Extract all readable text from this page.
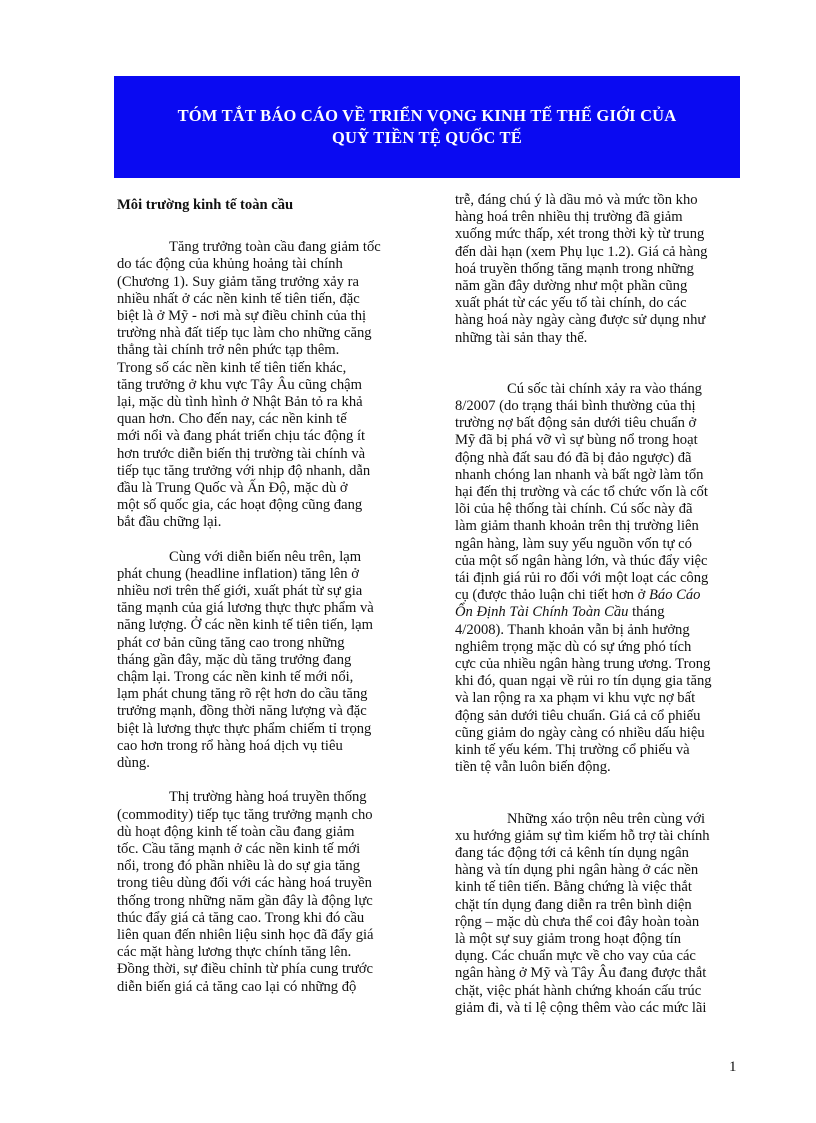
TÓM TẮT BÁO CÁO VỀ TRIỂN VỌNG KINH TẾ THẾ GIỚI CỦA
QUỸ TIỀN TỆ QUỐC TẾ

Môi trường kinh tế toàn cầu

Tăng trưởng toàn cầu đang giảm tốc
do tác động của khủng hoảng tài chính
(Chương 1). Suy giảm tăng trưởng xảy ra
nhiều nhất ở các nền kinh tế tiên tiến, đặc
biệt là ở Mỹ - nơi mà sự điều chỉnh của thị
trường nhà đất tiếp tục làm cho những căng
thẳng tài chính trở nên phức tạp thêm.
Trong số các nền kinh tế tiên tiến khác,
tăng trưởng ở khu vực Tây Âu cũng chậm
lại, mặc dù tình hình ở Nhật Bản tỏ ra khả
quan hơn. Cho đến nay, các nền kinh tế
mới nổi và đang phát triển chịu tác động ít
hơn trước diễn biến thị trường tài chính và
tiếp tục tăng trưởng với nhịp độ nhanh, dẫn
đầu là Trung Quốc và Ấn Độ, mặc dù ở
một số quốc gia, các hoạt động cũng đang
bắt đầu chững lại.
Cùng với diễn biến nêu trên, lạm
phát chung (headline inflation) tăng lên ở
nhiều nơi trên thế giới, xuất phát từ sự gia
tăng mạnh của giá lương thực thực phẩm và
năng lượng. Ở các nền kinh tế tiên tiến, lạm
phát cơ bản cũng tăng cao trong những
tháng gần đây, mặc dù tăng trưởng đang
chậm lại. Trong các nền kinh tế mới nổi,
lạm phát chung tăng rõ rệt hơn do cầu tăng
trưởng mạnh, đồng thời năng lượng và đặc
biệt là lương thực thực phẩm chiếm tỉ trọng
cao hơn trong rổ hàng hoá dịch vụ tiêu
dùng.
Thị trường hàng hoá truyền thống
(commodity) tiếp tục tăng trưởng mạnh cho
dù hoạt động kinh tế toàn cầu đang giảm
tốc. Cầu tăng mạnh ở các nền kinh tế mới
nổi, trong đó phần nhiều là do sự gia tăng
trong tiêu dùng đối với các hàng hoá truyền
thống trong những năm gần đây là động lực
thúc đẩy giá cả tăng cao. Trong khi đó cầu
liên quan đến nhiên liệu sinh học đã đẩy giá
các mặt hàng lương thực chính tăng lên.
Đồng thời, sự điều chỉnh từ phía cung trước
diễn biến giá cả tăng cao lại có những độ
trễ, đáng chú ý là dầu mỏ và mức tồn kho
hàng hoá trên nhiều thị trường đã giảm
xuống mức thấp, xét trong thời kỳ từ trung
đến dài hạn (xem Phụ lục 1.2). Giá cả hàng
hoá truyền thống tăng mạnh trong những
năm gần đây dường như một phần cũng
xuất phát từ các yếu tố tài chính, do các
hàng hoá này ngày càng được sử dụng như
những tài sản thay thế.
Cú sốc tài chính xảy ra vào tháng
8/2007 (do trạng thái bình thường của thị
trường nợ bất động sản dưới tiêu chuẩn ở
Mỹ đã bị phá vỡ vì sự bùng nổ trong hoạt
động nhà đất sau đó đã bị đảo ngược) đã
nhanh chóng lan nhanh và bất ngờ làm tổn
hại đến thị trường và các tổ chức vốn là cốt
lõi của hệ thống tài chính. Cú sốc này đã
làm giảm thanh khoản trên thị trường liên
ngân hàng, làm suy yếu nguồn vốn tự có
của một số ngân hàng lớn, và thúc đẩy việc
tái định giá rủi ro đối với một loạt các công
cụ (được thảo luận chi tiết hơn ở Báo Cáo
Ổn Định Tài Chính Toàn Cầu tháng
4/2008). Thanh khoản vẫn bị ảnh hưởng
nghiêm trọng mặc dù có sự ứng phó tích
cực của nhiều ngân hàng trung ương. Trong
khi đó, quan ngại về rủi ro tín dụng gia tăng
và lan rộng ra xa phạm vi khu vực nợ bất
động sản dưới tiêu chuẩn. Giá cả cổ phiếu
cũng giảm do ngày càng có nhiều dấu hiệu
kinh tế yếu kém. Thị trường cổ phiếu và
tiền tệ vẫn luôn biến động.
Những xáo trộn nêu trên cùng với
xu hướng giảm sự tìm kiếm hỗ trợ tài chính
đang tác động tới cả kênh tín dụng ngân
hàng và tín dụng phi ngân hàng ở các nền
kinh tế tiên tiến. Bằng chứng là việc thắt
chặt tín dụng đang diễn ra trên bình diện
rộng – mặc dù chưa thể coi đây hoàn toàn
là một sự suy giảm trong hoạt động tín
dụng. Các chuẩn mực về cho vay của các
ngân hàng ở Mỹ và Tây Âu đang được thắt
chặt, việc phát hành chứng khoán cấu trúc
giảm đi, và tỉ lệ cộng thêm vào các mức lãi
1
